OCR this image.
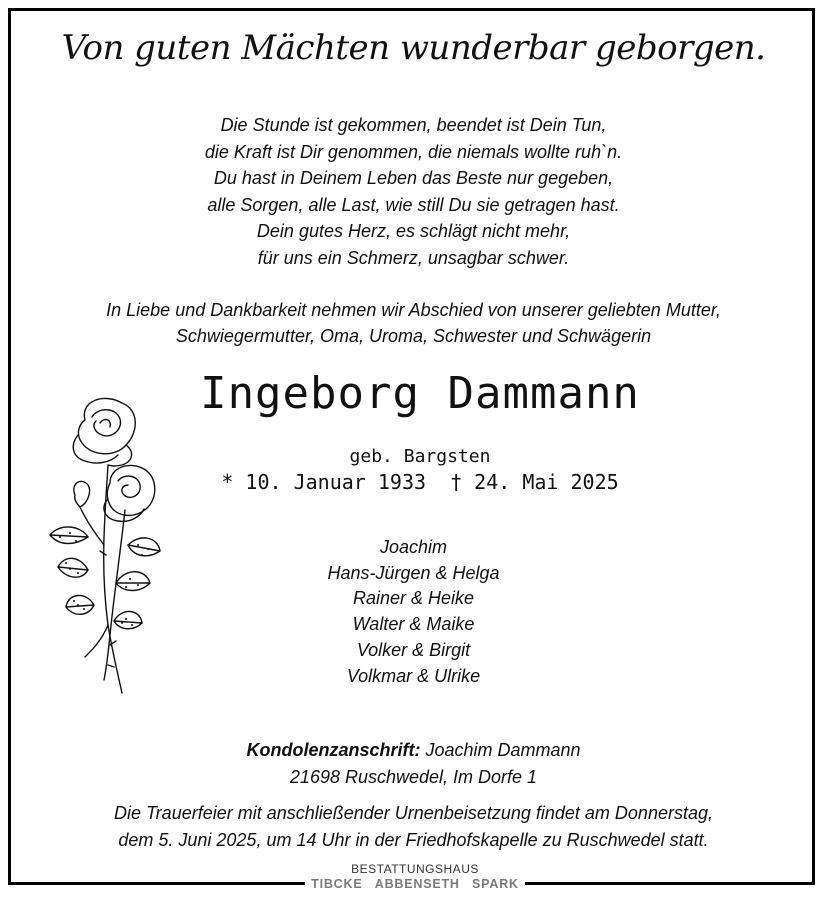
Von guten Mächten wunderbar geborgen.
Die Stunde ist gekommen, beendet ist Dein Tun,
die Kraft ist Dir genommen, die niemals wollte ruh`n.
Du hast in Deinem Leben das Beste nur gegeben,
alle Sorgen, alle Last, wie still Du sie getragen hast.
Dein gutes Herz, es schlägt nicht mehr,
für uns ein Schmerz, unsagbar schwer.
In Liebe und Dankbarkeit nehmen wir Abschied von unserer geliebten Mutter,
Schwiegermutter, Oma, Uroma, Schwester und Schwägerin
Ingeborg Dammann
geb. Bargsten
* 10. Januar 1933 † 24. Mai 2025
Joachim
Hans-Jürgen & Helga
Rainer & Heike
Walter & Maike
Volker & Birgit
Volkmar & Ulrike
Kondolenzanschrift: Joachim Dammann
21698 Ruschwedel, Im Dorfe 1
Die Trauerfeier mit anschließender Urnenbeisetzung findet am Donnerstag,
dem 5. Juni 2025, um 14 Uhr in der Friedhofskapelle zu Ruschwedel statt.
BESTATTUNGSHAUS
TIBCKE ABBENSETH SPARK
